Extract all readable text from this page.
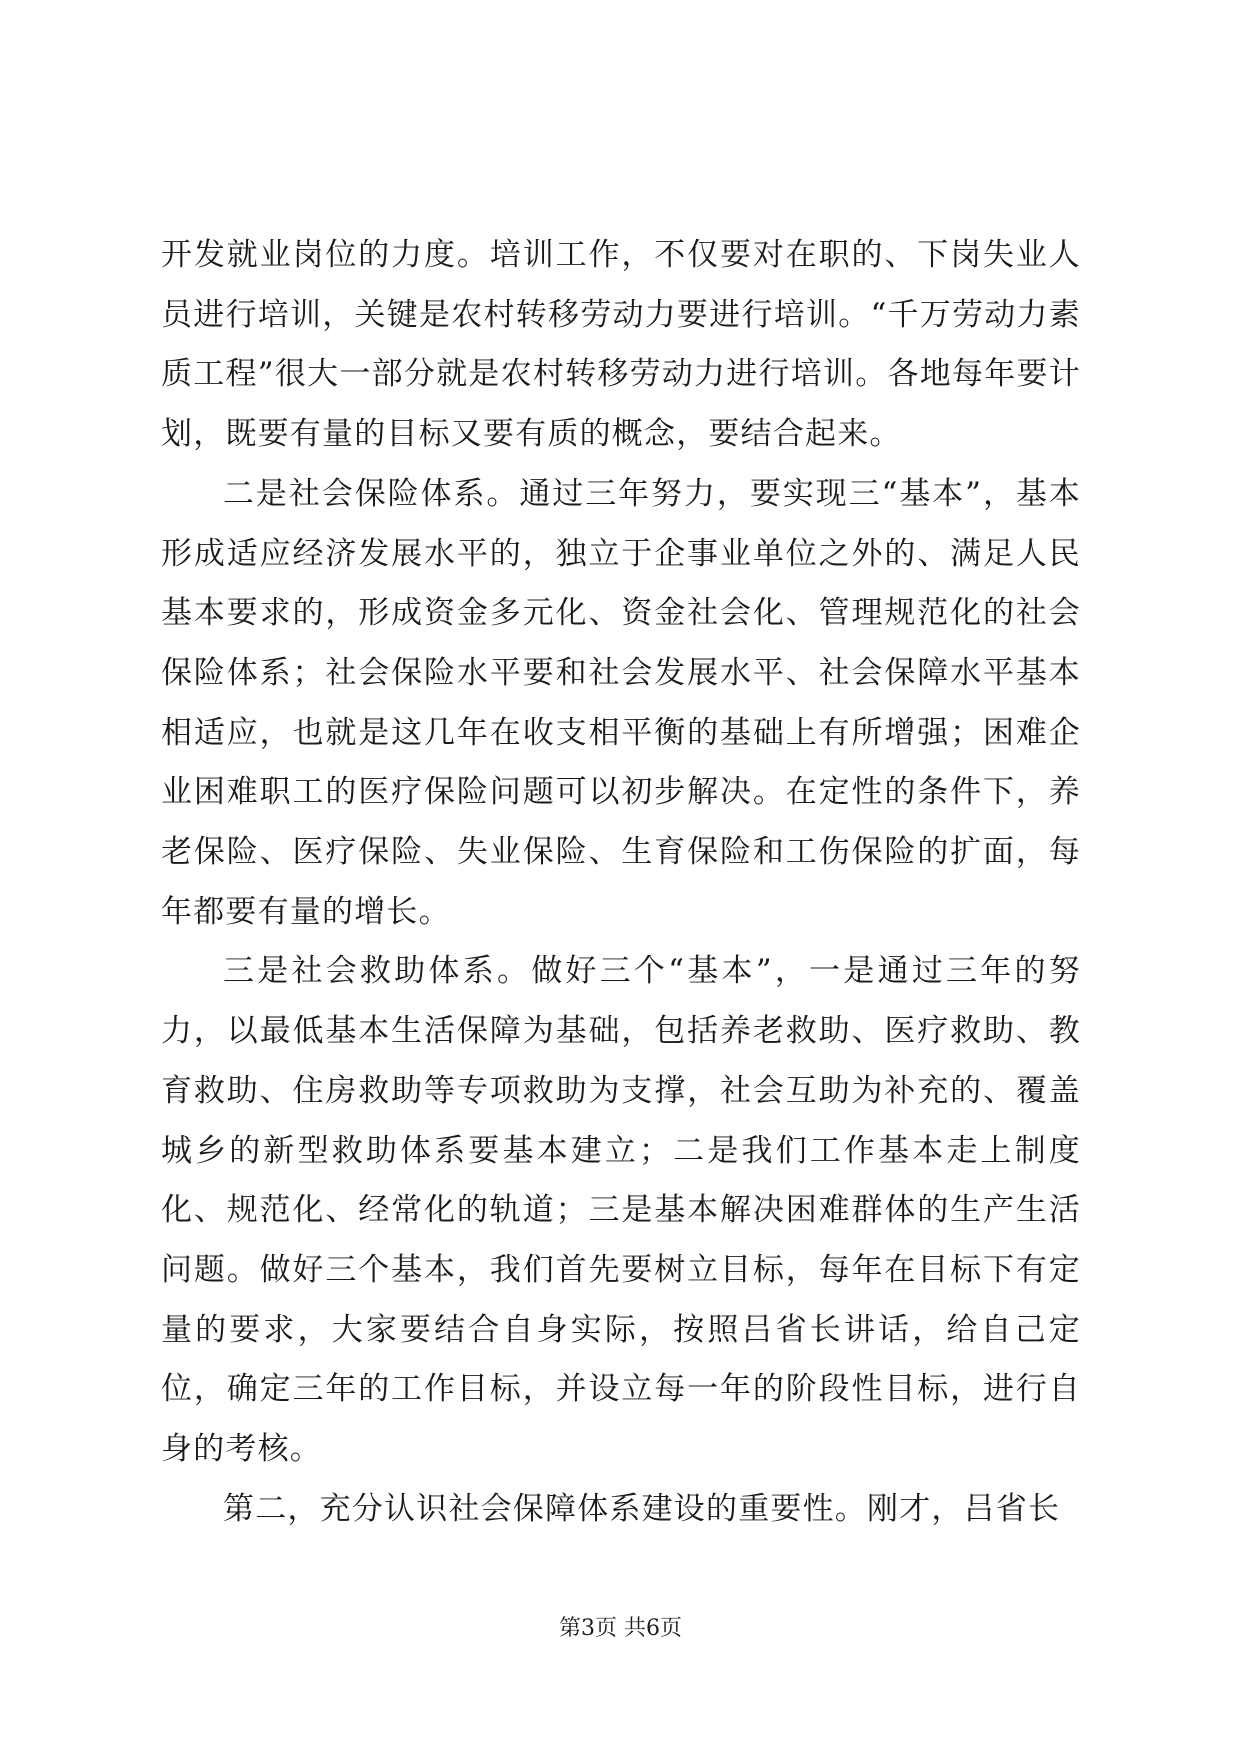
开发就业岗位的力度。培训工作，不仅要对在职的、下岗失业人员进行培训，关键是农村转移劳动力要进行培训。“千万劳动力素质工程”很大一部分就是农村转移劳动力进行培训。各地每年要计划，既要有量的目标又要有质的概念，要结合起来。

二是社会保险体系。通过三年努力，要实现三“基本”，基本形成适应经济发展水平的，独立于企事业单位之外的、满足人民基本要求的，形成资金多元化、资金社会化、管理规范化的社会保险体系；社会保险水平要和社会发展水平、社会保障水平基本相适应，也就是这几年在收支相平衡的基础上有所增强；困难企业困难职工的医疗保险问题可以初步解决。在定性的条件下，养老保险、医疗保险、失业保险、生育保险和工伤保险的扩面，每年都要有量的增长。

三是社会救助体系。做好三个“基本”，一是通过三年的努力，以最低基本生活保障为基础，包括养老救助、医疗救助、教育救助、住房救助等专项救助为支撑，社会互助为补充的、覆盖城乡的新型救助体系要基本建立；二是我们工作基本走上制度化、规范化、经常化的轨道；三是基本解决困难群体的生产生活问题。做好三个基本，我们首先要树立目标，每年在目标下有定量的要求，大家要结合自身实际，按照吕省长讲话，给自己定位，确定三年的工作目标，并设立每一年的阶段性目标，进行自身的考核。

第二，充分认识社会保障体系建设的重要性。刚才，吕省长

第3页 共6页
